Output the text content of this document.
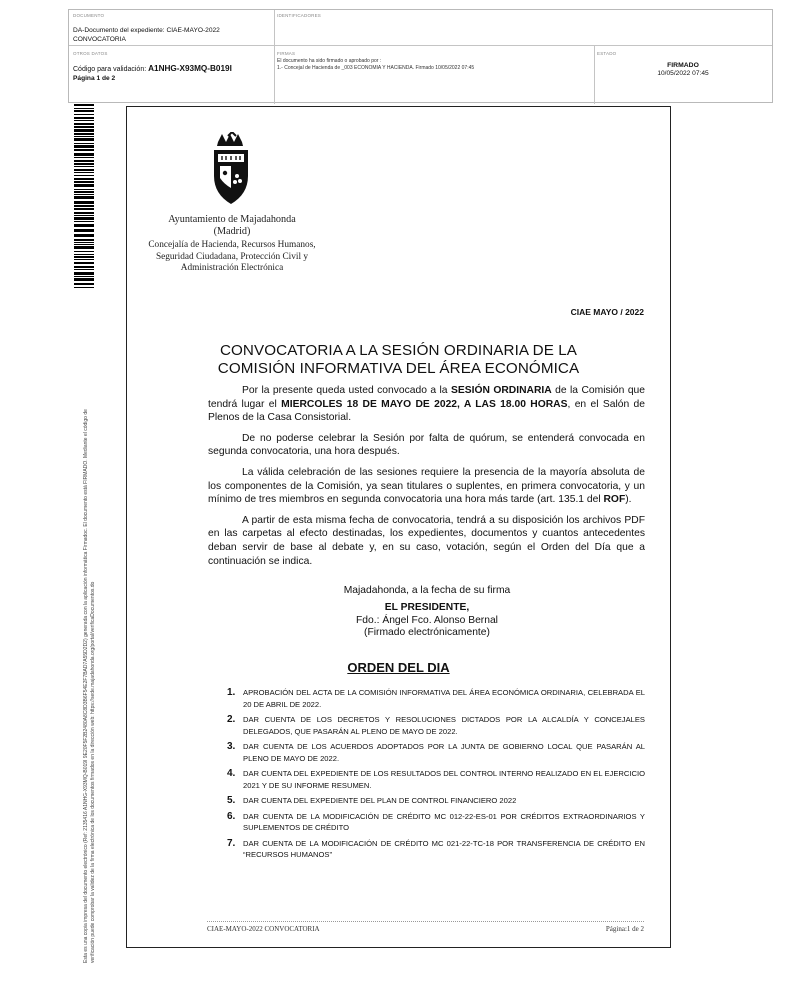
DOCUMENTO
DA-Documento del expediente: CIAE-MAYO-2022 CONVOCATORIA
IDENTIFICADORES
OTROS DATOS
Código para validación: A1NHG-X93MQ-B019I
Página 1 de 2
FIRMAS
El documento ha sido firmado o aprobado por :
1.- Concejal de Hacienda de _003 ECONOMIA Y HACIENDA. Firmado 10/05/2022 07:45
ESTADO
FIRMADO
10/05/2022 07:45
Esta es una copia impresa del documento electrónico (Ref: 2135416 A1NHG-X93MQ-B019I 9E20F5F2B2480A8C8D3B6F54E2F7BAD7A55D2D2) generada con la aplicación informática Firmadoc. El documento está FIRMADO. Mediante el código de verificación puede comprobar la validez de la firma electrónica de los documentos firmados en la dirección web: https://sede.majadahonda.org/portal/verificaDocumentos.do
Ayuntamiento de Majadahonda
(Madrid)
Concejalía de Hacienda, Recursos Humanos, Seguridad Ciudadana, Protección Civil y Administración Electrónica
CIAE MAYO / 2022
CONVOCATORIA A LA SESIÓN ORDINARIA DE LA
COMISIÓN INFORMATIVA DEL ÁREA ECONÓMICA

Por la presente queda usted convocado a la SESIÓN ORDINARIA de la Comisión que tendrá lugar el MIERCOLES 18 DE MAYO DE 2022, A LAS 18.00 HORAS, en el Salón de Plenos de la Casa Consistorial.

De no poderse celebrar la Sesión por falta de quórum, se entenderá convocada en segunda convocatoria, una hora después.

La válida celebración de las sesiones requiere la presencia de la mayoría absoluta de los componentes de la Comisión, ya sean titulares o suplentes, en primera convocatoria, y un mínimo de tres miembros en segunda convocatoria una hora más tarde (art. 135.1 del ROF).

A partir de esta misma fecha de convocatoria, tendrá a su disposición los archivos PDF en las carpetas al efecto destinadas, los expedientes, documentos y cuantos antecedentes deban servir de base al debate y, en su caso, votación, según el Orden del Día que a continuación se indica.

Majadahonda, a la fecha de su firma
EL PRESIDENTE,
Fdo.: Ángel Fco. Alonso Bernal
(Firmado electrónicamente)
ORDEN DEL DIA
1. APROBACIÓN DEL ACTA DE LA COMISIÓN INFORMATIVA DEL ÁREA ECONÓMICA ORDINARIA, CELEBRADA EL 20 DE ABRIL DE 2022.
2. DAR CUENTA DE LOS DECRETOS Y RESOLUCIONES DICTADOS POR LA ALCALDÍA Y CONCEJALES DELEGADOS, QUE PASARÁN AL PLENO DE MAYO DE 2022.
3. DAR CUENTA DE LOS ACUERDOS ADOPTADOS POR LA JUNTA DE GOBIERNO LOCAL QUE PASARÁN AL PLENO DE MAYO DE 2022.
4. DAR CUENTA DEL EXPEDIENTE DE LOS RESULTADOS DEL CONTROL INTERNO REALIZADO EN EL EJERCICIO 2021 Y DE SU INFORME RESUMEN.
5. DAR CUENTA DEL EXPEDIENTE DEL PLAN DE CONTROL FINANCIERO 2022
6. DAR CUENTA DE LA MODIFICACIÓN DE CRÉDITO MC 012-22-ES-01 POR CRÉDITOS EXTRAORDINARIOS Y SUPLEMENTOS DE CRÉDITO
7. DAR CUENTA DE LA MODIFICACIÓN DE CRÉDITO MC 021-22-TC-18 POR TRANSFERENCIA DE CRÉDITO EN “RECURSOS HUMANOS”
CIAE-MAYO-2022 CONVOCATORIA	Página:1 de 2
